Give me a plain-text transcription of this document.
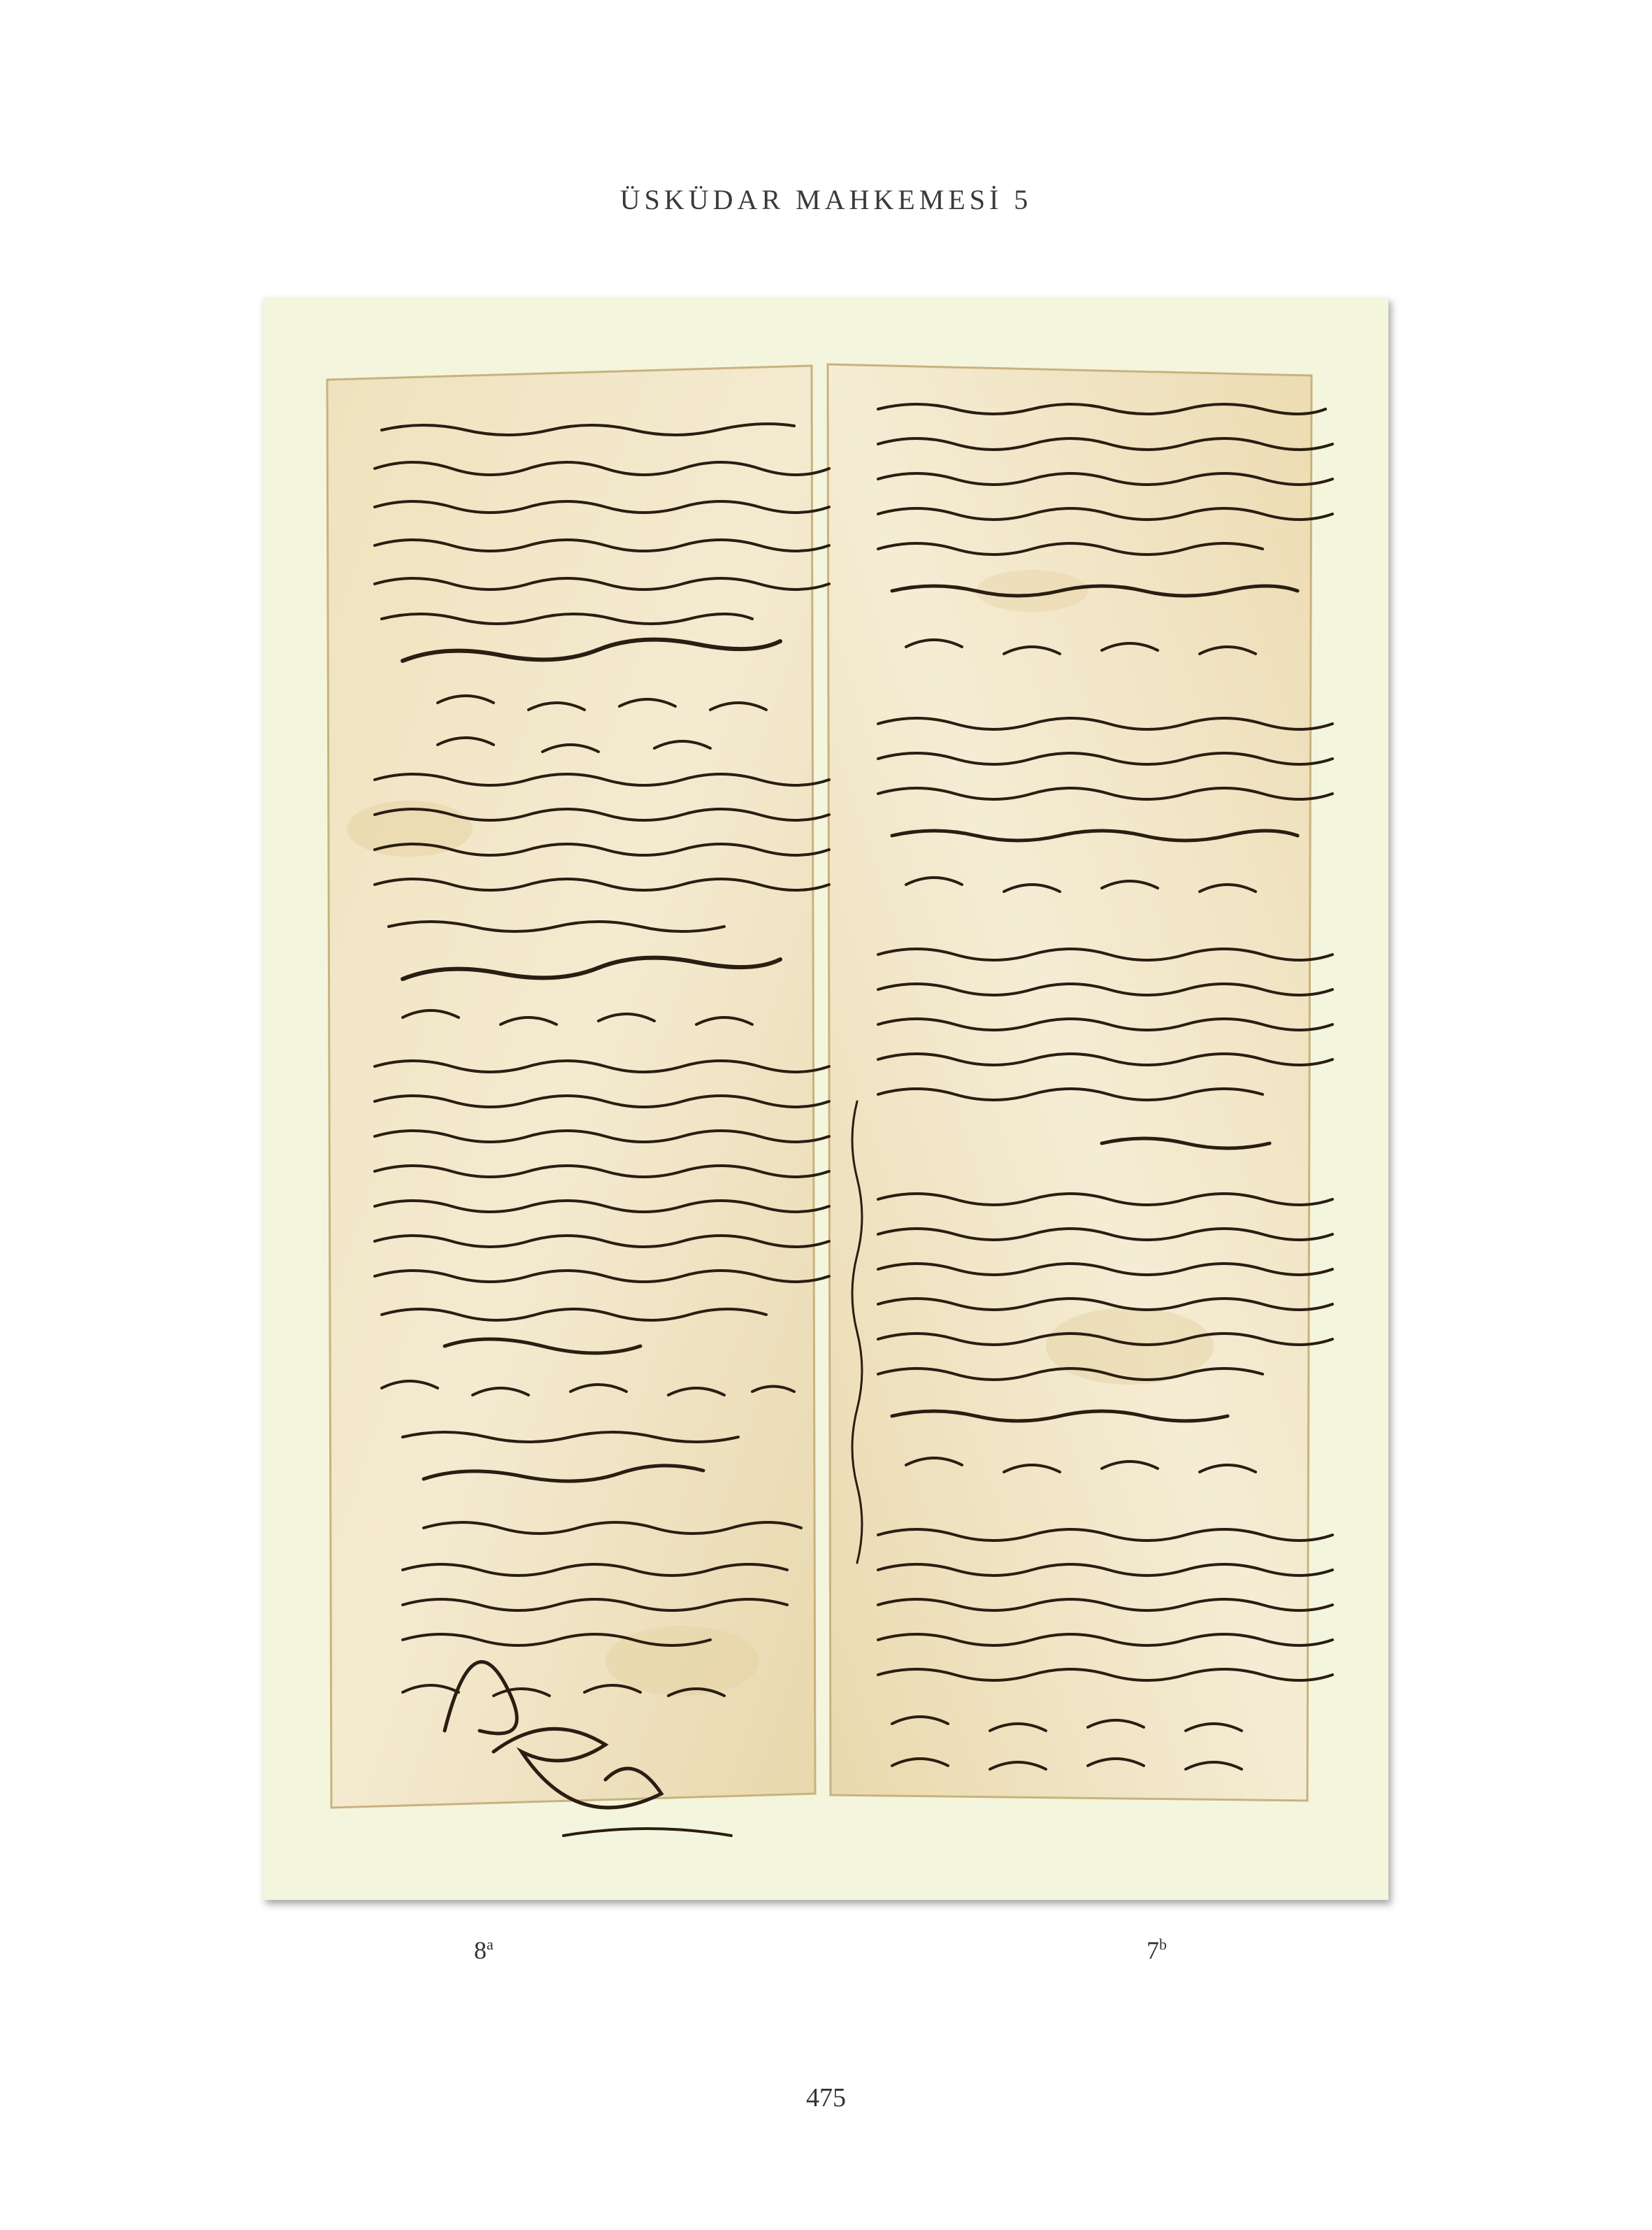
ÜSKÜDAR MAHKEMESİ 5
8$^a$	7$^b$
475
